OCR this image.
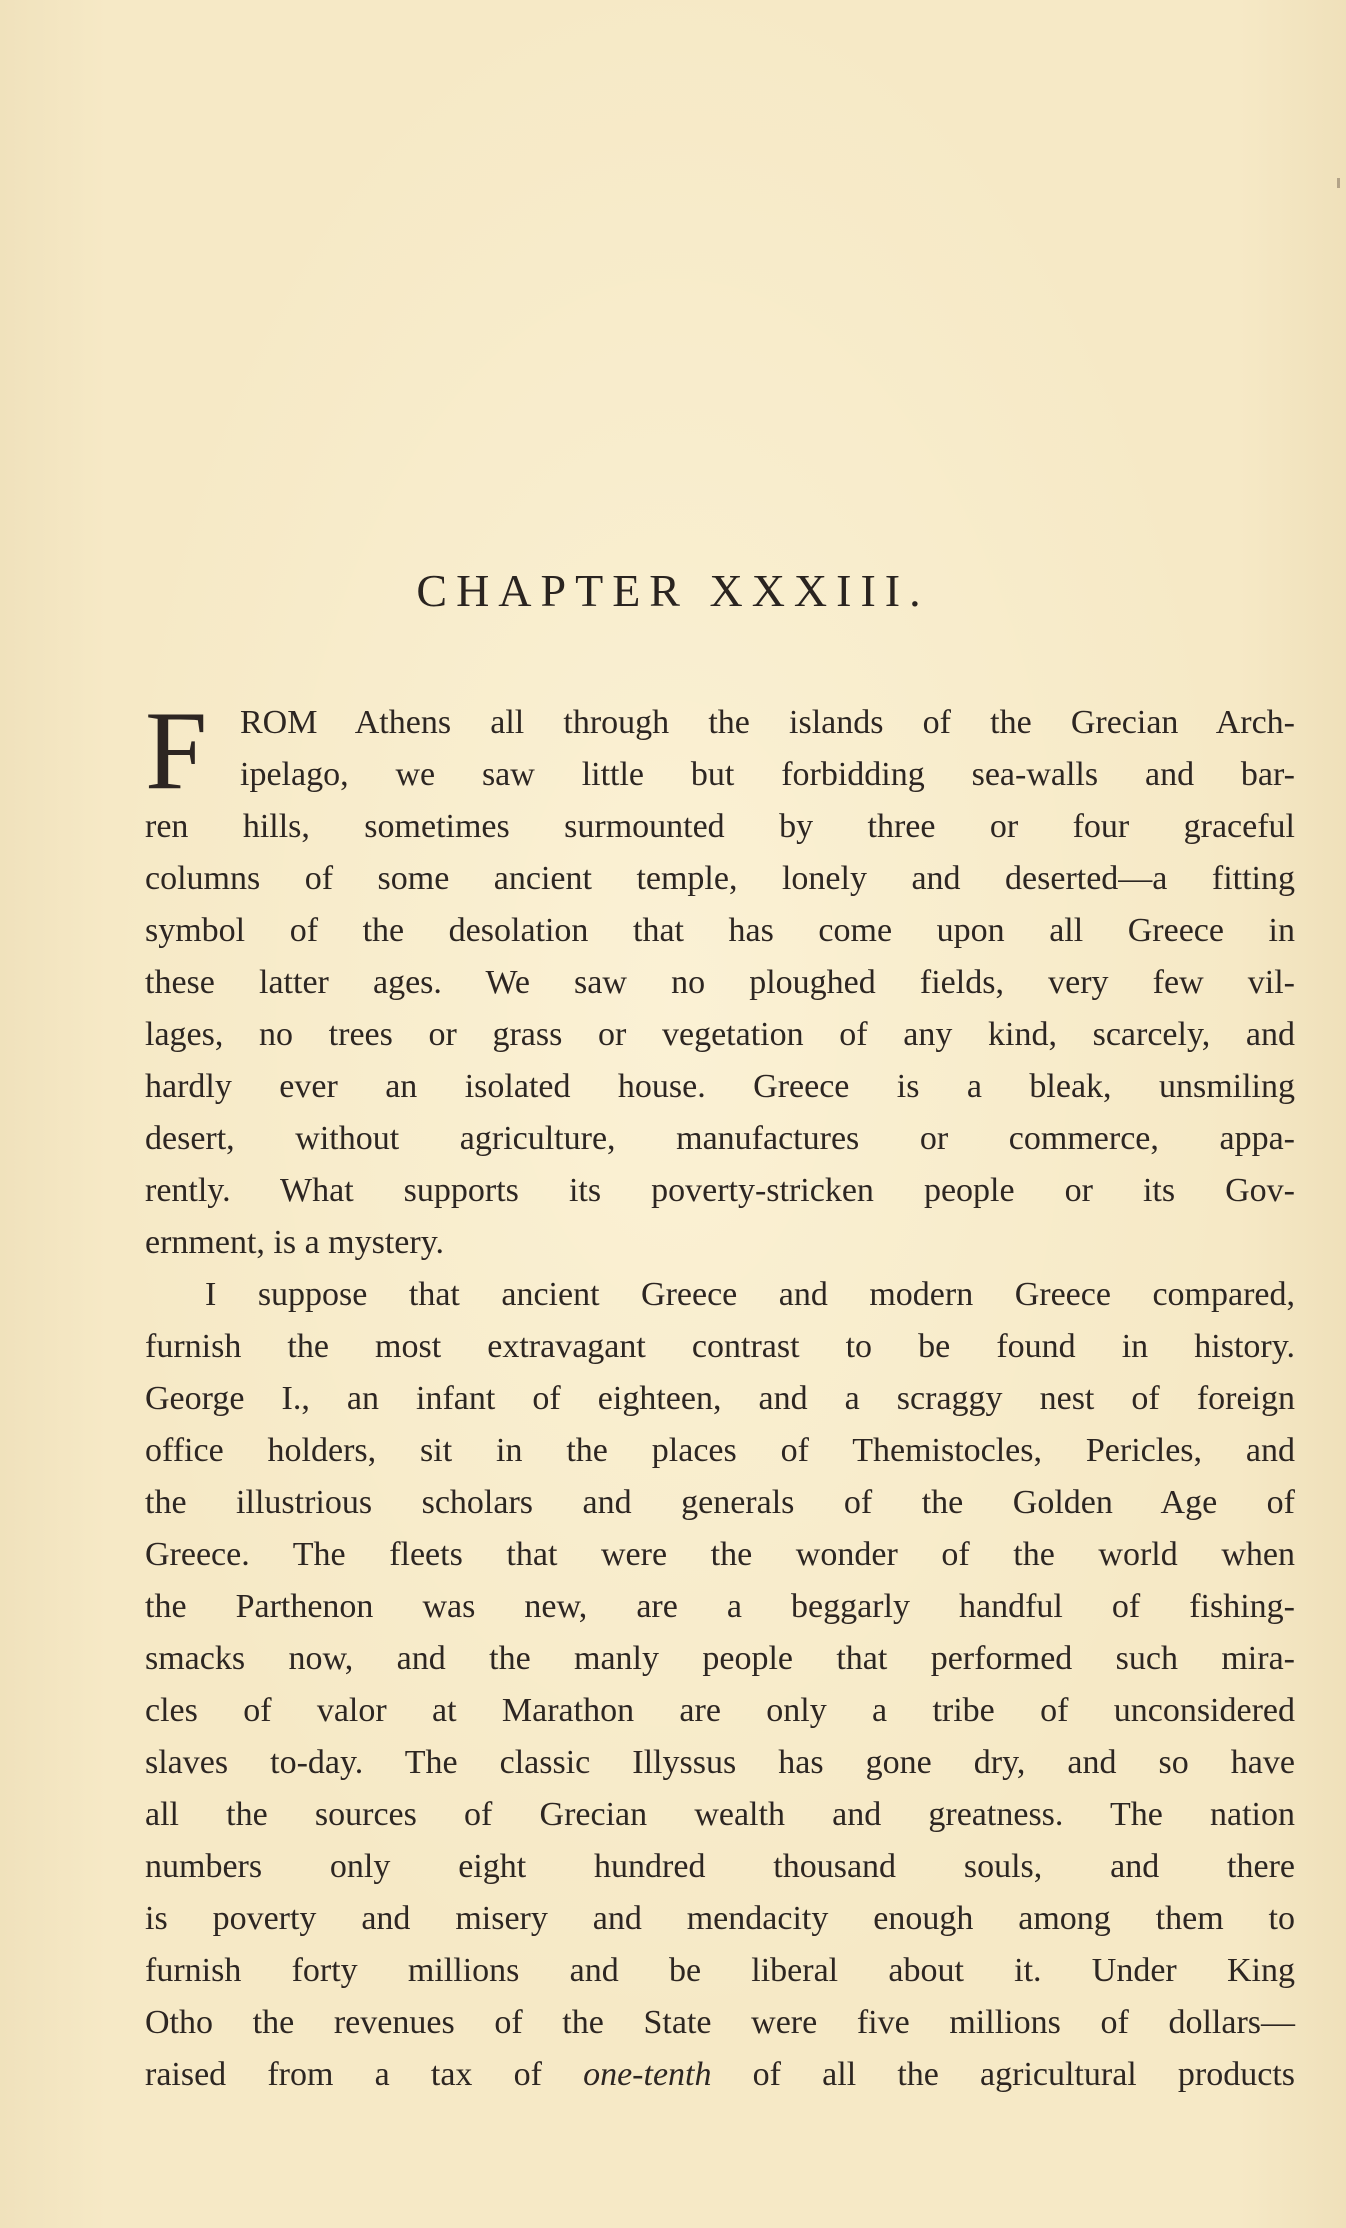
CHAPTER XXXIII.
F ROM Athens all through the islands of the Grecian Arch-
ipelago, we saw little but forbidding sea-walls and bar-
ren hills, sometimes surmounted by three or four graceful
columns of some ancient temple, lonely and deserted—a fitting
symbol of the desolation that has come upon all Greece in
these latter ages. We saw no ploughed fields, very few vil-
lages, no trees or grass or vegetation of any kind, scarcely, and
hardly ever an isolated house. Greece is a bleak, unsmiling
desert, without agriculture, manufactures or commerce, appa-
rently. What supports its poverty-stricken people or its Gov-
ernment, is a mystery.
I suppose that ancient Greece and modern Greece compared,
furnish the most extravagant contrast to be found in history.
George I., an infant of eighteen, and a scraggy nest of foreign
office holders, sit in the places of Themistocles, Pericles, and
the illustrious scholars and generals of the Golden Age of
Greece. The fleets that were the wonder of the world when
the Parthenon was new, are a beggarly handful of fishing-
smacks now, and the manly people that performed such mira-
cles of valor at Marathon are only a tribe of unconsidered
slaves to-day. The classic Illyssus has gone dry, and so have
all the sources of Grecian wealth and greatness. The nation
numbers only eight hundred thousand souls, and there
is poverty and misery and mendacity enough among them to
furnish forty millions and be liberal about it. Under King
Otho the revenues of the State were five millions of dollars—
raised from a tax of one-tenth of all the agricultural products
